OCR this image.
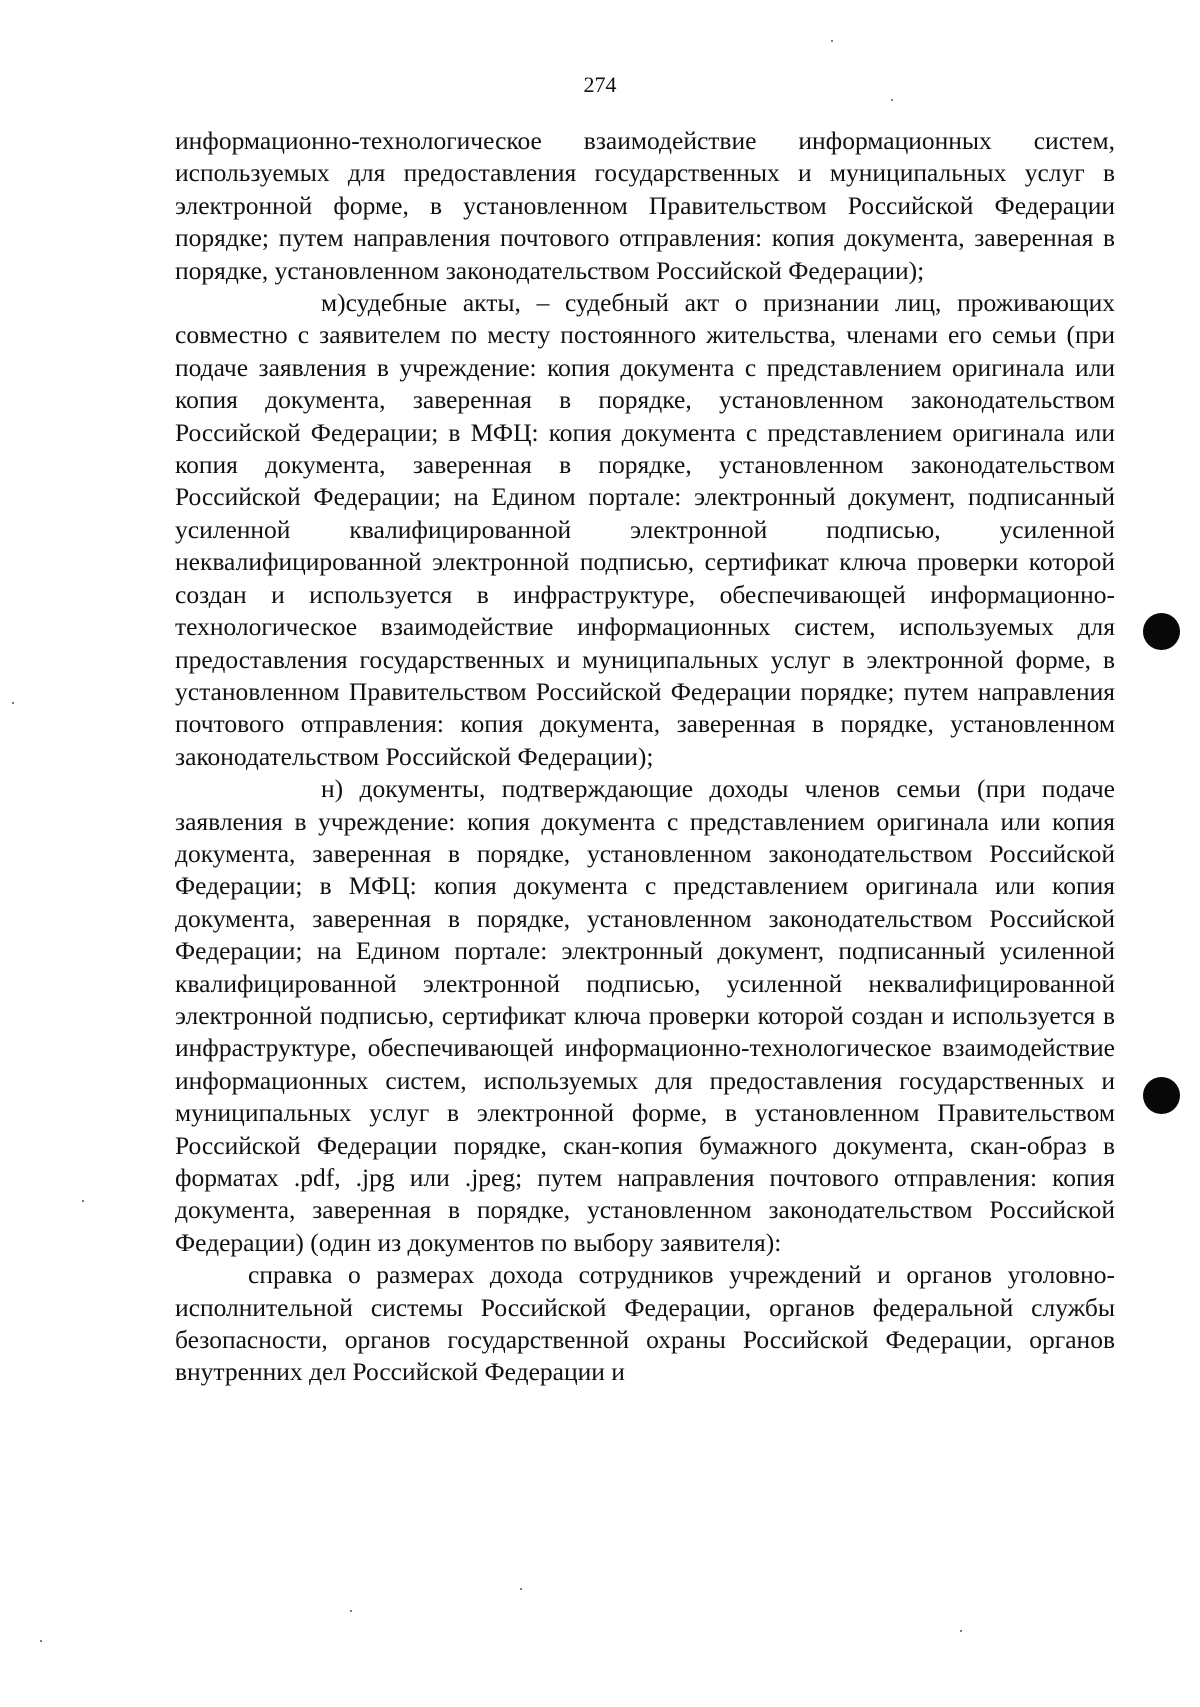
274

информационно-технологическое взаимодействие информационных систем, используемых для предоставления государственных и муниципальных услуг в электронной форме, в установленном Правительством Российской Федерации порядке; путем направления почтового отправления: копия документа, заверенная в порядке, установленном законодательством Российской Федерации);

м)судебные акты, – судебный акт о признании лиц, проживающих совместно с заявителем по месту постоянного жительства, членами его семьи (при подаче заявления в учреждение: копия документа с представлением оригинала или копия документа, заверенная в порядке, установленном законодательством Российской Федерации; в МФЦ: копия документа с представлением оригинала или копия документа, заверенная в порядке, установленном законодательством Российской Федерации; на Едином портале: электронный документ, подписанный усиленной квалифицированной электронной подписью, усиленной неквалифицированной электронной подписью, сертификат ключа проверки которой создан и используется в инфраструктуре, обеспечивающей информационно-технологическое взаимодействие информационных систем, используемых для предоставления государственных и муниципальных услуг в электронной форме, в установленном Правительством Российской Федерации порядке; путем направления почтового отправления: копия документа, заверенная в порядке, установленном законодательством Российской Федерации);

н) документы, подтверждающие доходы членов семьи (при подаче заявления в учреждение: копия документа с представлением оригинала или копия документа, заверенная в порядке, установленном законодательством Российской Федерации; в МФЦ: копия документа с представлением оригинала или копия документа, заверенная в порядке, установленном законодательством Российской Федерации; на Едином портале: электронный документ, подписанный усиленной квалифицированной электронной подписью, усиленной неквалифицированной электронной подписью, сертификат ключа проверки которой создан и используется в инфраструктуре, обеспечивающей информационно-технологическое взаимодействие информационных систем, используемых для предоставления государственных и муниципальных услуг в электронной форме, в установленном Правительством Российской Федерации порядке, скан-копия бумажного документа, скан-образ в форматах .pdf, .jpg или .jpeg; путем направления почтового отправления: копия документа, заверенная в порядке, установленном законодательством Российской Федерации) (один из документов по выбору заявителя):

справка о размерах дохода сотрудников учреждений и органов уголовно-исполнительной системы Российской Федерации, органов федеральной службы безопасности, органов государственной охраны Российской Федерации, органов внутренних дел Российской Федерации и
